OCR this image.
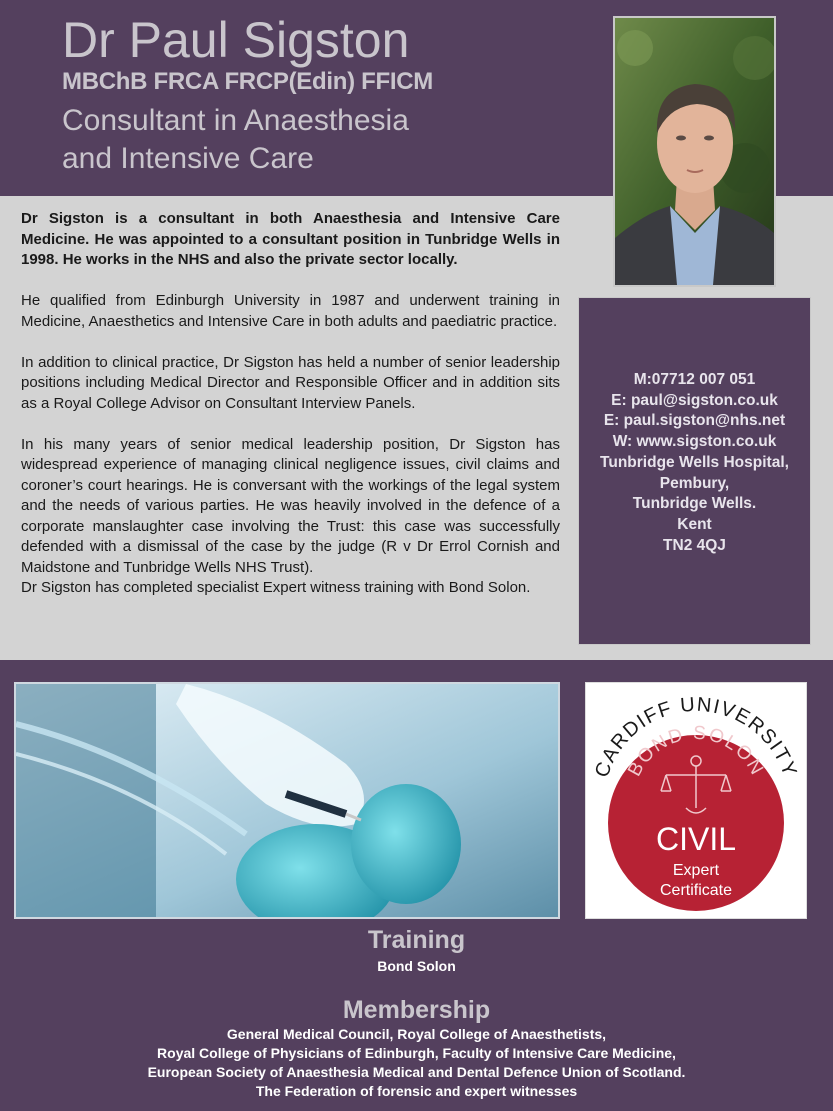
Dr Paul Sigston
MBChB FRCA FRCP(Edin) FFICM
Consultant in Anaesthesia
and Intensive Care

Dr Sigston is a consultant in both Anaesthesia and Intensive Care Medicine. He was appointed to a consultant position in Tunbridge Wells in 1998. He works in the NHS and also the private sector locally.

He qualified from Edinburgh University in 1987 and underwent training in Medicine, Anaesthetics and Intensive Care in both adults and paediatric practice.

In addition to clinical practice, Dr Sigston has held a number of senior leadership positions including Medical Director and Responsible Officer and in addition sits as a Royal College Advisor on Consultant Interview Panels.

In his many years of senior medical leadership position, Dr Sigston has widespread experience of managing clinical negligence issues, civil claims and coroner’s court hearings. He is conversant with the workings of the legal system and the needs of various parties. He was heavily involved in the defence of a corporate manslaughter case involving the Trust: this case was successfully defended with a dismissal of the case by the judge (R v Dr Errol Cornish and Maidstone and Tunbridge Wells NHS Trust).

Dr Sigston has completed specialist Expert witness training with Bond Solon.

M:07712 007 051
E: paul@sigston.co.uk
E: paul.sigston@nhs.net
W: www.sigston.co.uk
Tunbridge Wells Hospital,
Pembury,
Tunbridge Wells.
Kent
TN2 4QJ
CARDIFF UNIVERSITY
BOND SOLON
CIVIL
Expert
Certificate
Training
Bond Solon
Membership
General Medical Council, Royal College of Anaesthetists,
Royal College of Physicians of Edinburgh, Faculty of Intensive Care Medicine,
European Society of Anaesthesia Medical and Dental Defence Union of Scotland.
The Federation of forensic and expert witnesses
